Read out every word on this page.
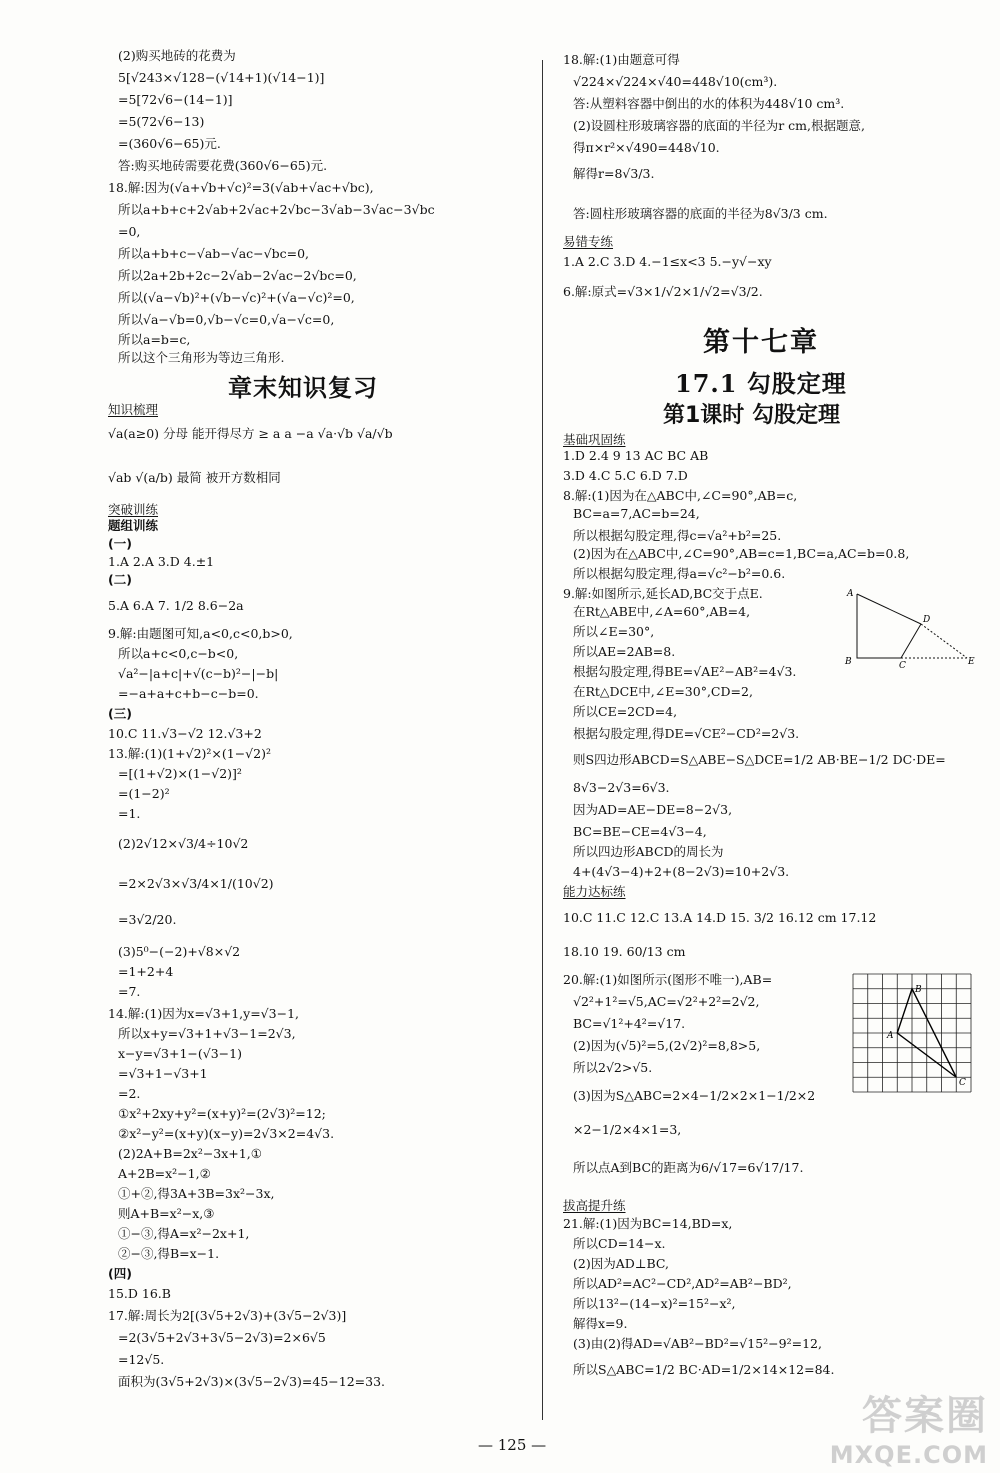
(2)购买地砖的花费为
5[√243×√128−(√14+1)(√14−1)]
=5[72√6−(14−1)]
=5(72√6−13)
=(360√6−65)元.
答:购买地砖需要花费(360√6−65)元.
18.解:因为(√a+√b+√c)²=3(√ab+√ac+√bc),
所以a+b+c+2√ab+2√ac+2√bc−3√ab−3√ac−3√bc
=0,
所以a+b+c−√ab−√ac−√bc=0,
所以2a+2b+2c−2√ab−2√ac−2√bc=0,
所以(√a−√b)²+(√b−√c)²+(√a−√c)²=0,
所以√a−√b=0,√b−√c=0,√a−√c=0,
所以a=b=c,
所以这个三角形为等边三角形.
章末知识复习
知识梳理
√a(a≥0) 分母 能开得尽方 ≥ a a −a √a·√b √a/√b
√ab √(a/b) 最简 被开方数相同
突破训练
题组训练
(一)
1.A 2.A 3.D 4.±1
(二)
5.A 6.A 7. 1/2 8.6−2a
9.解:由题图可知,a<0,c<0,b>0,
所以a+c<0,c−b<0,
√a²−|a+c|+√(c−b)²−|−b|
=−a+a+c+b−c−b=0.
(三)
10.C 11.√3−√2 12.√3+2
13.解:(1)(1+√2)²×(1−√2)²
=[(1+√2)×(1−√2)]²
=(1−2)²
=1.
(2)2√12×√3/4÷10√2
=2×2√3×√3/4×1/(10√2)
=3√2/20.
(3)5⁰−(−2)+√8×√2
=1+2+4
=7.
14.解:(1)因为x=√3+1,y=√3−1,
所以x+y=√3+1+√3−1=2√3,
x−y=√3+1−(√3−1)
=√3+1−√3+1
=2.
①x²+2xy+y²=(x+y)²=(2√3)²=12;
②x²−y²=(x+y)(x−y)=2√3×2=4√3.
(2)2A+B=2x²−3x+1,①
A+2B=x²−1,②
①+②,得3A+3B=3x²−3x,
则A+B=x²−x,③
①−③,得A=x²−2x+1,
②−③,得B=x−1.
(四)
15.D 16.B
17.解:周长为2[(3√5+2√3)+(3√5−2√3)]
=2(3√5+2√3+3√5−2√3)=2×6√5
=12√5.
面积为(3√5+2√3)×(3√5−2√3)=45−12=33.
18.解:(1)由题意可得
√224×√224×√40=448√10(cm³).
答:从塑料容器中倒出的水的体积为448√10 cm³.
(2)设圆柱形玻璃容器的底面的半径为r cm,根据题意,
得π×r²×√490=448√10.
解得r=8√3/3.
答:圆柱形玻璃容器的底面的半径为8√3/3 cm.
易错专练
1.A 2.C 3.D 4.−1≤x<3 5.−y√−xy
6.解:原式=√3×1/√2×1/√2=√3/2.
第十七章
17.1 勾股定理
第1课时 勾股定理
基础巩固练
1.D 2.4 9 13 AC BC AB
3.D 4.C 5.C 6.D 7.D
8.解:(1)因为在△ABC中,∠C=90°,AB=c,
BC=a=7,AC=b=24,
所以根据勾股定理,得c=√a²+b²=25.
(2)因为在△ABC中,∠C=90°,AB=c=1,BC=a,AC=b=0.8,
所以根据勾股定理,得a=√c²−b²=0.6.
9.解:如图所示,延长AD,BC交于点E.
在Rt△ABE中,∠A=60°,AB=4,
所以∠E=30°,
所以AE=2AB=8.
根据勾股定理,得BE=√AE²−AB²=4√3.
在Rt△DCE中,∠E=30°,CD=2,
所以CE=2CD=4,
根据勾股定理,得DE=√CE²−CD²=2√3.
则S四边形ABCD=S△ABE−S△DCE=1/2 AB·BE−1/2 DC·DE=
8√3−2√3=6√3.
因为AD=AE−DE=8−2√3,
BC=BE−CE=4√3−4,
所以四边形ABCD的周长为
4+(4√3−4)+2+(8−2√3)=10+2√3.
A
D
B	C	E
能力达标练
10.C 11.C 12.C 13.A 14.D 15. 3/2 16.12 cm 17.12
18.10 19. 60/13 cm
20.解:(1)如图所示(图形不唯一),AB=
√2²+1²=√5,AC=√2²+2²=2√2,
BC=√1²+4²=√17.
(2)因为(√5)²=5,(2√2)²=8,8>5,
所以2√2>√5.
(3)因为S△ABC=2×4−1/2×2×1−1/2×2
×2−1/2×4×1=3,
所以点A到BC的距离为6/√17=6√17/17.
B
A
C
拔高提升练
21.解:(1)因为BC=14,BD=x,
所以CD=14−x.
(2)因为AD⊥BC,
所以AD²=AC²−CD²,AD²=AB²−BD²,
所以13²−(14−x)²=15²−x²,
解得x=9.
(3)由(2)得AD=√AB²−BD²=√15²−9²=12,
所以S△ABC=1/2 BC·AD=1/2×14×12=84.
— 125 —
答案圈
MXQE.COM
